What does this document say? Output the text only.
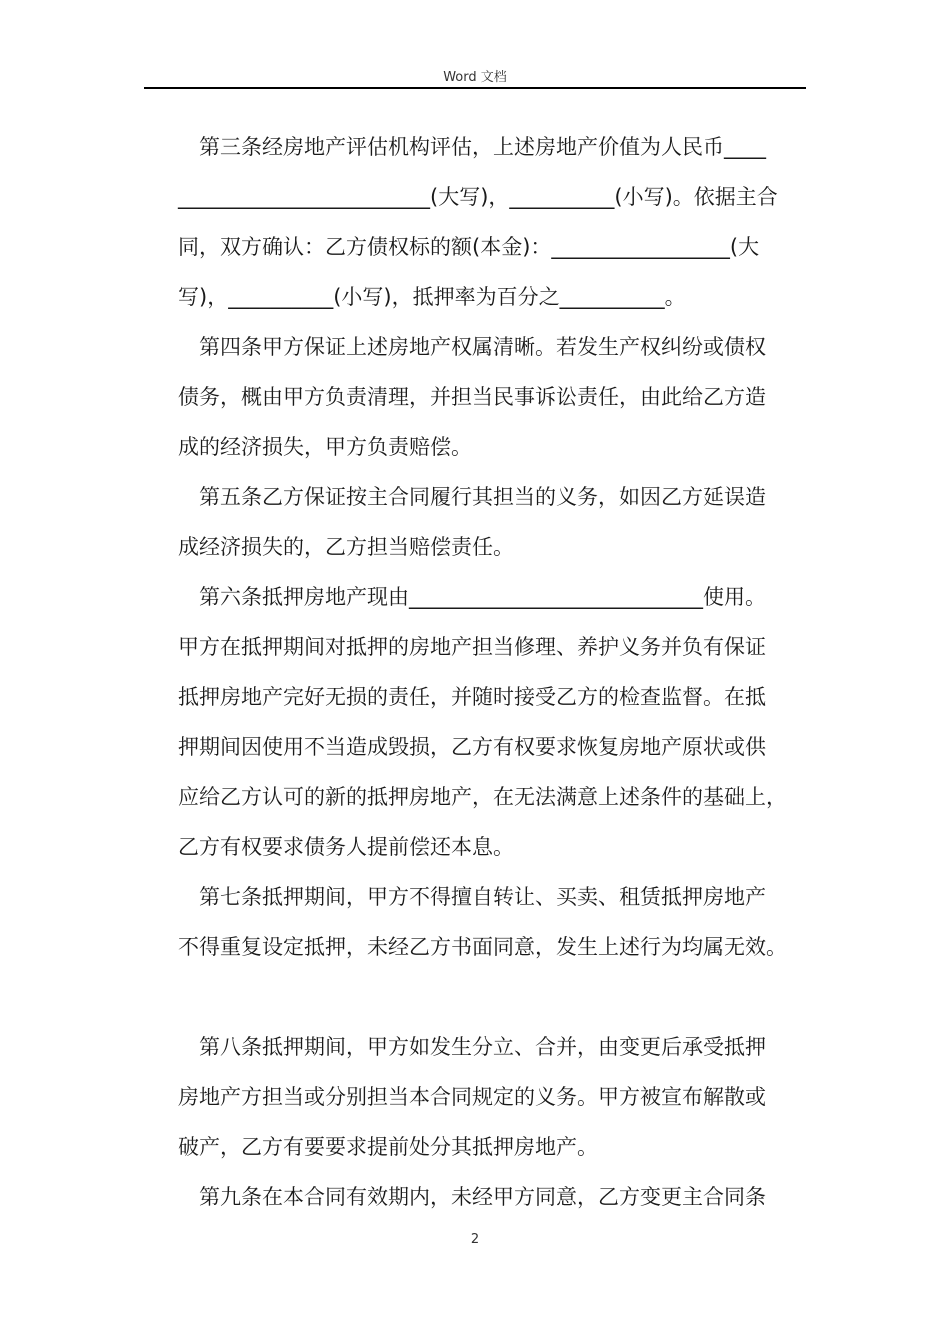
Word 文档

　第三条经房地产评估机构评估，上述房地产价值为人民币____

________________________(大写)，__________(小写)。依据主合

同，双方确认：乙方债权标的额(本金)：_________________(大

写)，__________(小写)，抵押率为百分之__________。

　第四条甲方保证上述房地产权属清晰。若发生产权纠纷或债权

债务，概由甲方负责清理，并担当民事诉讼责任，由此给乙方造

成的经济损失，甲方负责赔偿。

　第五条乙方保证按主合同履行其担当的义务，如因乙方延误造

成经济损失的，乙方担当赔偿责任。

　第六条抵押房地产现由____________________________使用。

甲方在抵押期间对抵押的房地产担当修理、养护义务并负有保证

抵押房地产完好无损的责任，并随时接受乙方的检查监督。在抵

押期间因使用不当造成毁损，乙方有权要求恢复房地产原状或供

应给乙方认可的新的抵押房地产，在无法满意上述条件的基础上，

乙方有权要求债务人提前偿还本息。

　第七条抵押期间，甲方不得擅自转让、买卖、租赁抵押房地产

不得重复设定抵押，未经乙方书面同意，发生上述行为均属无效。

　第八条抵押期间，甲方如发生分立、合并，由变更后承受抵押

房地产方担当或分别担当本合同规定的义务。甲方被宣布解散或

破产，乙方有要要求提前处分其抵押房地产。

　第九条在本合同有效期内，未经甲方同意，乙方变更主合同条

2
